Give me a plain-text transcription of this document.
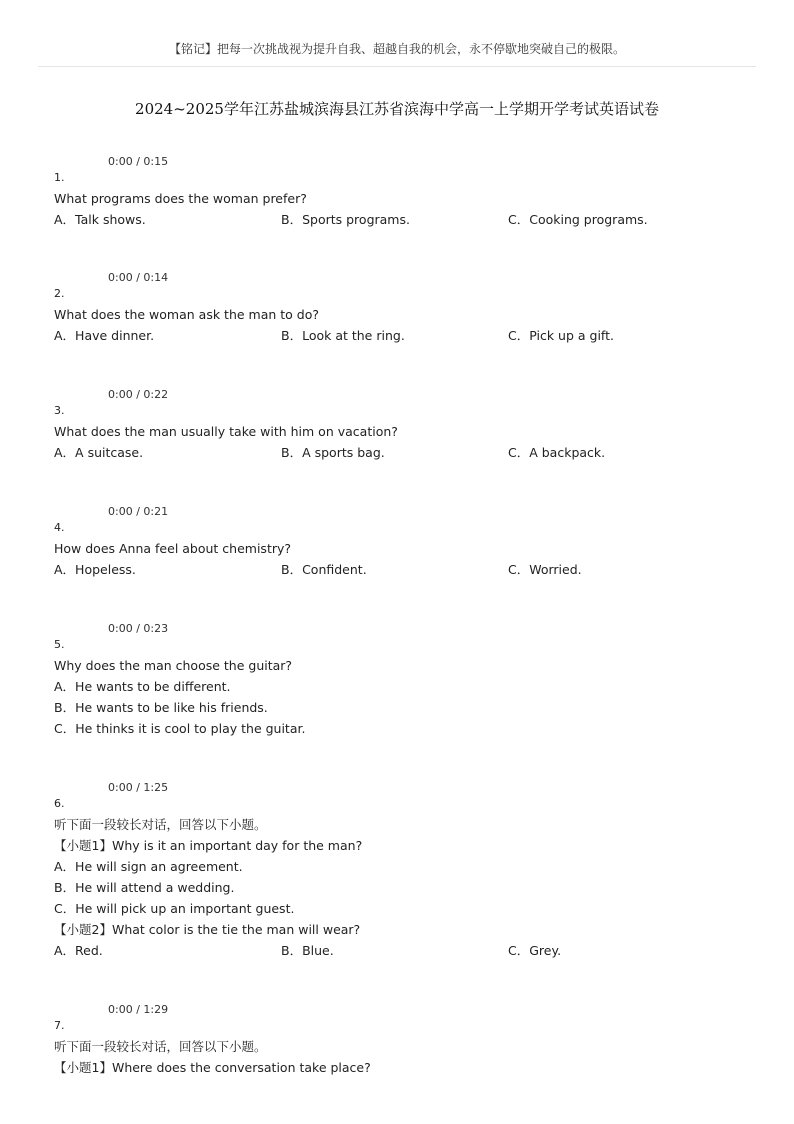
【铭记】把每一次挑战视为提升自我、超越自我的机会，永不停歇地突破自己的极限。
2024~2025学年江苏盐城滨海县江苏省滨海中学高一上学期开学考试英语试卷
0:00 / 0:15
1.
What programs does the woman prefer?
A．Talk shows.	B．Sports programs.	C．Cooking programs.
0:00 / 0:14
2.
What does the woman ask the man to do?
A．Have dinner.	B．Look at the ring.	C．Pick up a gift.
0:00 / 0:22
3.
What does the man usually take with him on vacation?
A．A suitcase.	B．A sports bag.	C．A backpack.
0:00 / 0:21
4.
How does Anna feel about chemistry?
A．Hopeless.	B．Confident.	C．Worried.
0:00 / 0:23
5.
Why does the man choose the guitar?
A．He wants to be different.
B．He wants to be like his friends.
C．He thinks it is cool to play the guitar.
0:00 / 1:25
6.
听下面一段较长对话，回答以下小题。
【小题1】Why is it an important day for the man?
A．He will sign an agreement.
B．He will attend a wedding.
C．He will pick up an important guest.
【小题2】What color is the tie the man will wear?
A．Red.	B．Blue.	C．Grey.
0:00 / 1:29
7.
听下面一段较长对话，回答以下小题。
【小题1】Where does the conversation take place?
